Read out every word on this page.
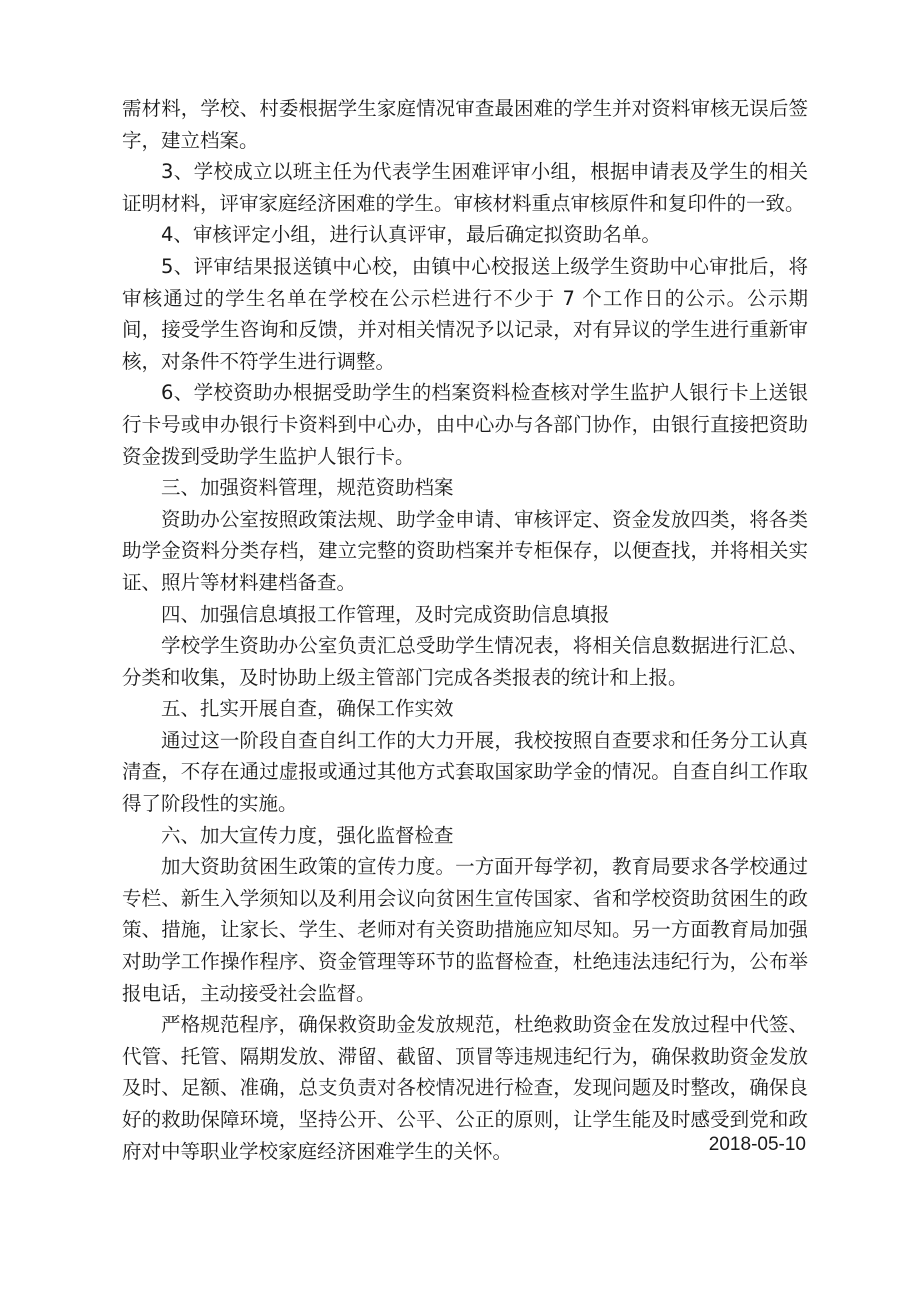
需材料，学校、村委根据学生家庭情况审查最困难的学生并对资料审核无误后签字，建立档案。

3、学校成立以班主任为代表学生困难评审小组，根据申请表及学生的相关证明材料，评审家庭经济困难的学生。审核材料重点审核原件和复印件的一致。

4、审核评定小组，进行认真评审，最后确定拟资助名单。

5、评审结果报送镇中心校，由镇中心校报送上级学生资助中心审批后，将审核通过的学生名单在学校在公示栏进行不少于 7 个工作日的公示。公示期间，接受学生咨询和反馈，并对相关情况予以记录，对有异议的学生进行重新审核，对条件不符学生进行调整。

6、学校资助办根据受助学生的档案资料检查核对学生监护人银行卡上送银行卡号或申办银行卡资料到中心办，由中心办与各部门协作，由银行直接把资助资金拨到受助学生监护人银行卡。

三、加强资料管理，规范资助档案

资助办公室按照政策法规、助学金申请、审核评定、资金发放四类，将各类助学金资料分类存档，建立完整的资助档案并专柜保存，以便查找，并将相关实证、照片等材料建档备查。

四、加强信息填报工作管理，及时完成资助信息填报

学校学生资助办公室负责汇总受助学生情况表，将相关信息数据进行汇总、分类和收集，及时协助上级主管部门完成各类报表的统计和上报。

五、扎实开展自查，确保工作实效

通过这一阶段自查自纠工作的大力开展，我校按照自查要求和任务分工认真清查，不存在通过虚报或通过其他方式套取国家助学金的情况。自查自纠工作取得了阶段性的实施。

六、加大宣传力度，强化监督检查

加大资助贫困生政策的宣传力度。一方面开每学初，教育局要求各学校通过专栏、新生入学须知以及利用会议向贫困生宣传国家、省和学校资助贫困生的政策、措施，让家长、学生、老师对有关资助措施应知尽知。另一方面教育局加强对助学工作操作程序、资金管理等环节的监督检查，杜绝违法违纪行为，公布举报电话，主动接受社会监督。

严格规范程序，确保救资助金发放规范，杜绝救助资金在发放过程中代签、代管、托管、隔期发放、滞留、截留、顶冒等违规违纪行为，确保救助资金发放及时、足额、准确，总支负责对各校情况进行检查，发现问题及时整改，确保良好的救助保障环境，坚持公开、公平、公正的原则，让学生能及时感受到党和政府对中等职业学校家庭经济困难学生的关怀。	2018-05-10
